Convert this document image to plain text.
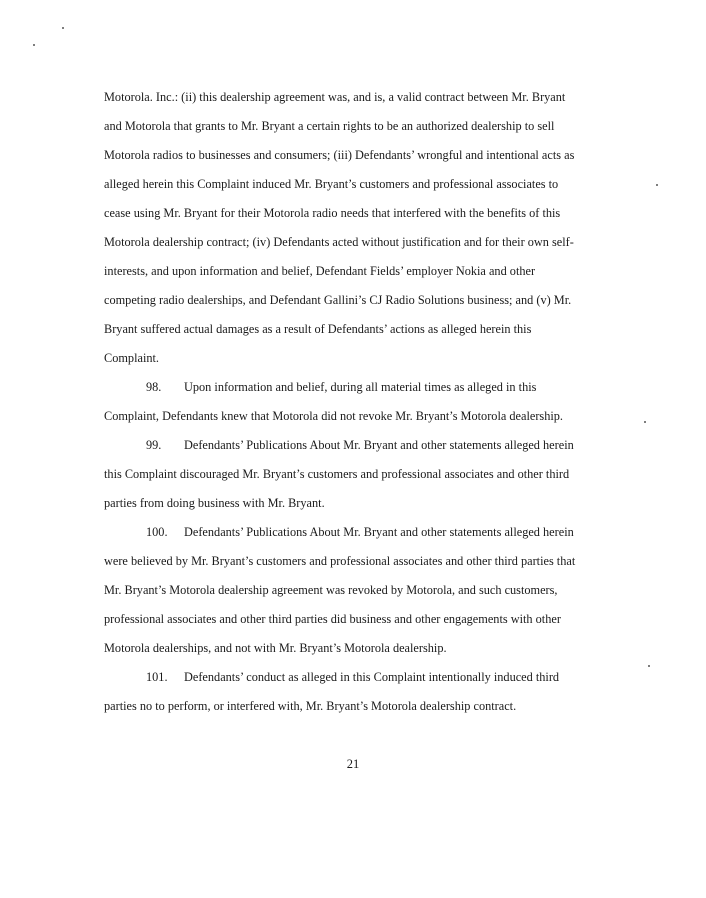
Motorola. Inc.: (ii) this dealership agreement was, and is, a valid contract between Mr. Bryant
and Motorola that grants to Mr. Bryant a certain rights to be an authorized dealership to sell
Motorola radios to businesses and consumers; (iii) Defendants’ wrongful and intentional acts as
alleged herein this Complaint induced Mr. Bryant’s customers and professional associates to
cease using Mr. Bryant for their Motorola radio needs that interfered with the benefits of this
Motorola dealership contract; (iv) Defendants acted without justification and for their own self-
interests, and upon information and belief, Defendant Fields’ employer Nokia and other
competing radio dealerships, and Defendant Gallini’s CJ Radio Solutions business; and (v) Mr.
Bryant suffered actual damages as a result of Defendants’ actions as alleged herein this
Complaint.
98. Upon information and belief, during all material times as alleged in this
Complaint, Defendants knew that Motorola did not revoke Mr. Bryant’s Motorola dealership.
99. Defendants’ Publications About Mr. Bryant and other statements alleged herein
this Complaint discouraged Mr. Bryant’s customers and professional associates and other third
parties from doing business with Mr. Bryant.
100. Defendants’ Publications About Mr. Bryant and other statements alleged herein
were believed by Mr. Bryant’s customers and professional associates and other third parties that
Mr. Bryant’s Motorola dealership agreement was revoked by Motorola, and such customers,
professional associates and other third parties did business and other engagements with other
Motorola dealerships, and not with Mr. Bryant’s Motorola dealership.
101. Defendants’ conduct as alleged in this Complaint intentionally induced third
parties no to perform, or interfered with, Mr. Bryant’s Motorola dealership contract.
21
